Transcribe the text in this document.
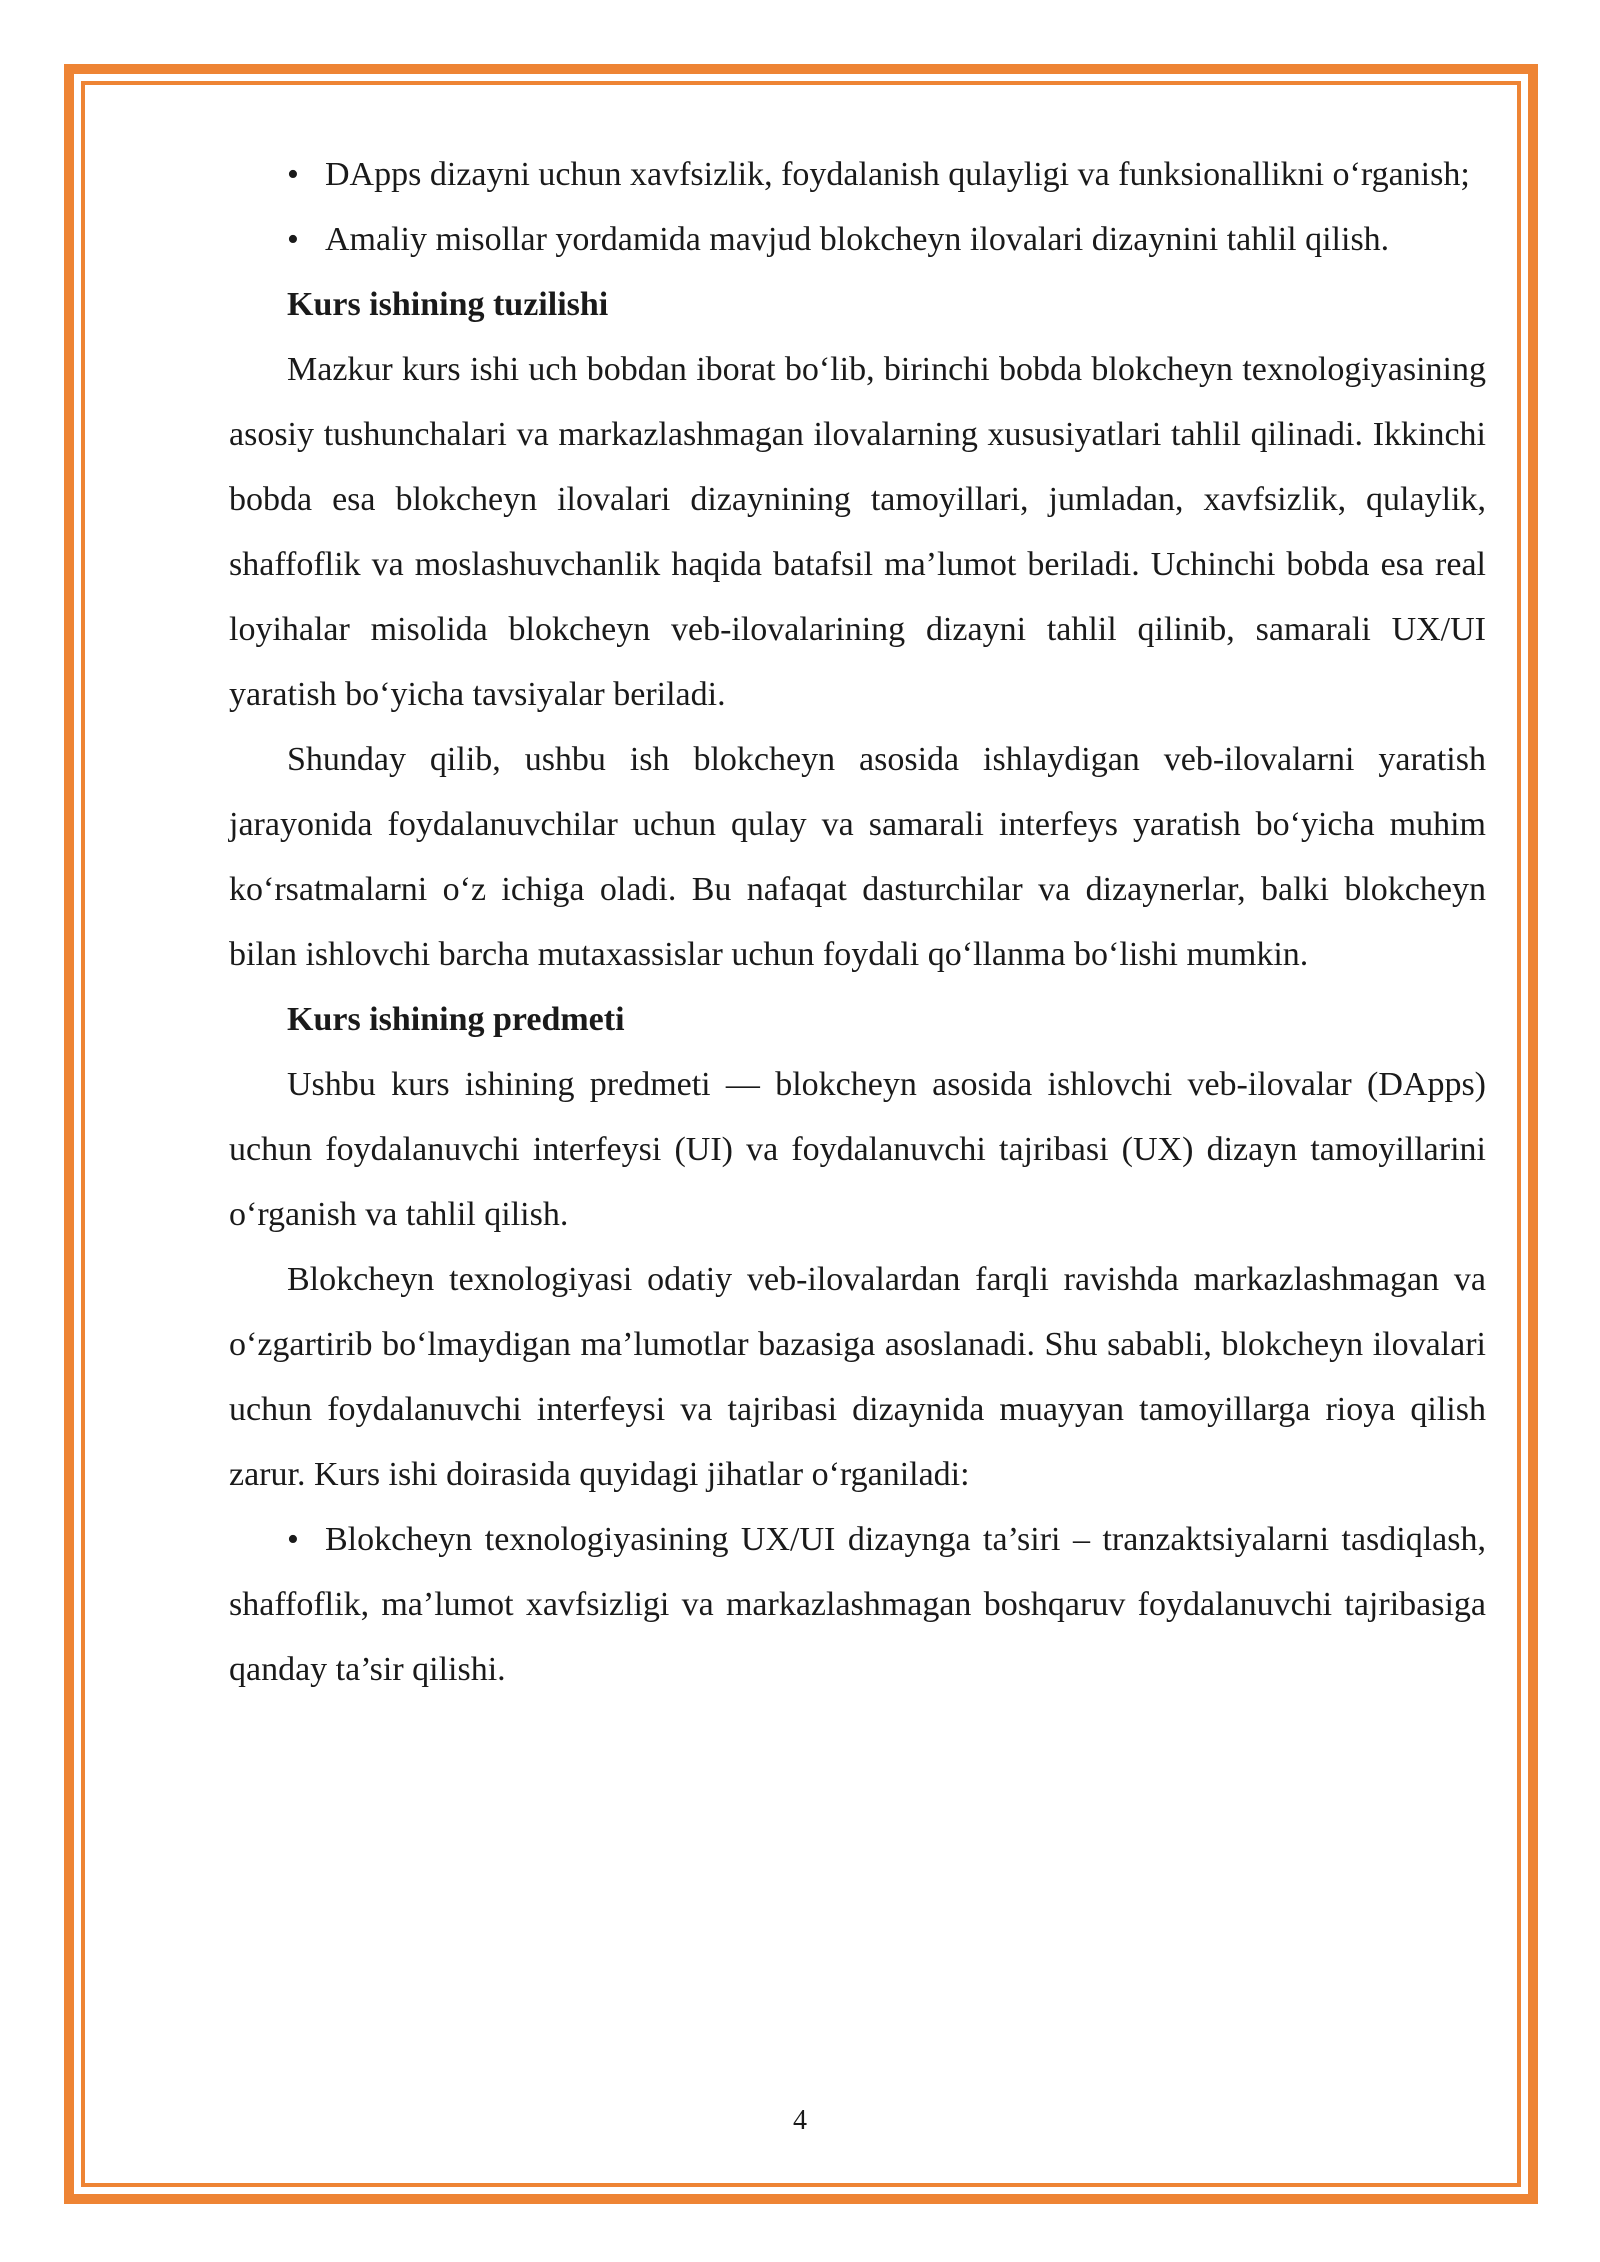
• DApps dizayni uchun xavfsizlik, foydalanish qulayligi va funksionallikni o‘rganish;

• Amaliy misollar yordamida mavjud blokcheyn ilovalari dizaynini tahlil qilish.

Kurs ishining tuzilishi

Mazkur kurs ishi uch bobdan iborat bo‘lib, birinchi bobda blokcheyn texnologiyasining asosiy tushunchalari va markazlashmagan ilovalarning xususiyatlari tahlil qilinadi. Ikkinchi bobda esa blokcheyn ilovalari dizaynining tamoyillari, jumladan, xavfsizlik, qulaylik, shaffoflik va moslashuvchanlik haqida batafsil ma’lumot beriladi. Uchinchi bobda esa real loyihalar misolida blokcheyn veb-ilovalarining dizayni tahlil qilinib, samarali UX/UI yaratish bo‘yicha tavsiyalar beriladi.

Shunday qilib, ushbu ish blokcheyn asosida ishlaydigan veb-ilovalarni yaratish jarayonida foydalanuvchilar uchun qulay va samarali interfeys yaratish bo‘yicha muhim ko‘rsatmalarni o‘z ichiga oladi. Bu nafaqat dasturchilar va dizaynerlar, balki blokcheyn bilan ishlovchi barcha mutaxassislar uchun foydali qo‘llanma bo‘lishi mumkin.

Kurs ishining predmeti

Ushbu kurs ishining predmeti — blokcheyn asosida ishlovchi veb-ilovalar (DApps) uchun foydalanuvchi interfeysi (UI) va foydalanuvchi tajribasi (UX) dizayn tamoyillarini o‘rganish va tahlil qilish.

Blokcheyn texnologiyasi odatiy veb-ilovalardan farqli ravishda markazlashmagan va o‘zgartirib bo‘lmaydigan ma’lumotlar bazasiga asoslanadi. Shu sababli, blokcheyn ilovalari uchun foydalanuvchi interfeysi va tajribasi dizaynida muayyan tamoyillarga rioya qilish zarur. Kurs ishi doirasida quyidagi jihatlar o‘rganiladi:

• Blokcheyn texnologiyasining UX/UI dizaynga ta’siri – tranzaktsiyalarni tasdiqlash, shaffoflik, ma’lumot xavfsizligi va markazlashmagan boshqaruv foydalanuvchi tajribasiga qanday ta’sir qilishi.

4
